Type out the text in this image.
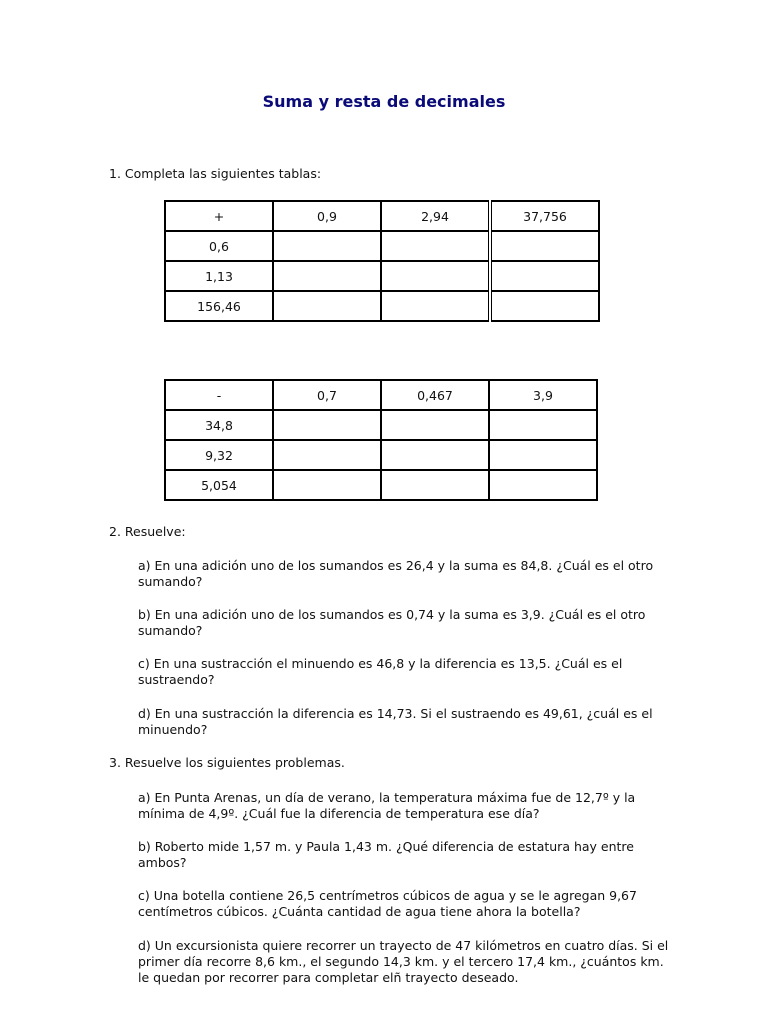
Suma y resta de decimales
1. Completa las siguientes tablas:
+	0,9	2,94	37,756
0,6			
1,13			
156,46			
-	0,7	0,467	3,9
34,8			
9,32			
5,054			
2. Resuelve:
a) En una adición uno de los sumandos es 26,4 y la suma es 84,8. ¿Cuál es el otro sumando?
b) En una adición uno de los sumandos es 0,74 y la suma es 3,9. ¿Cuál es el otro sumando?
c) En una sustracción el minuendo es 46,8 y la diferencia es 13,5. ¿Cuál es el sustraendo?
d) En una sustracción la diferencia es 14,73. Si el sustraendo es 49,61, ¿cuál es el minuendo?
3. Resuelve los siguientes problemas.
a) En Punta Arenas, un día de verano, la temperatura máxima fue de 12,7º y la mínima de 4,9º. ¿Cuál fue la diferencia de temperatura ese día?
b) Roberto mide 1,57 m. y Paula 1,43 m. ¿Qué diferencia de estatura hay entre ambos?
c) Una botella contiene 26,5 centrímetros cúbicos de agua y se le agregan 9,67 centímetros cúbicos. ¿Cuánta cantidad de agua tiene ahora la botella?
d) Un excursionista quiere recorrer un trayecto de 47 kilómetros en cuatro días. Si el primer día recorre 8,6 km., el segundo 14,3 km. y el tercero 17,4 km., ¿cuántos km. le quedan por recorrer para completar elñ trayecto deseado.
